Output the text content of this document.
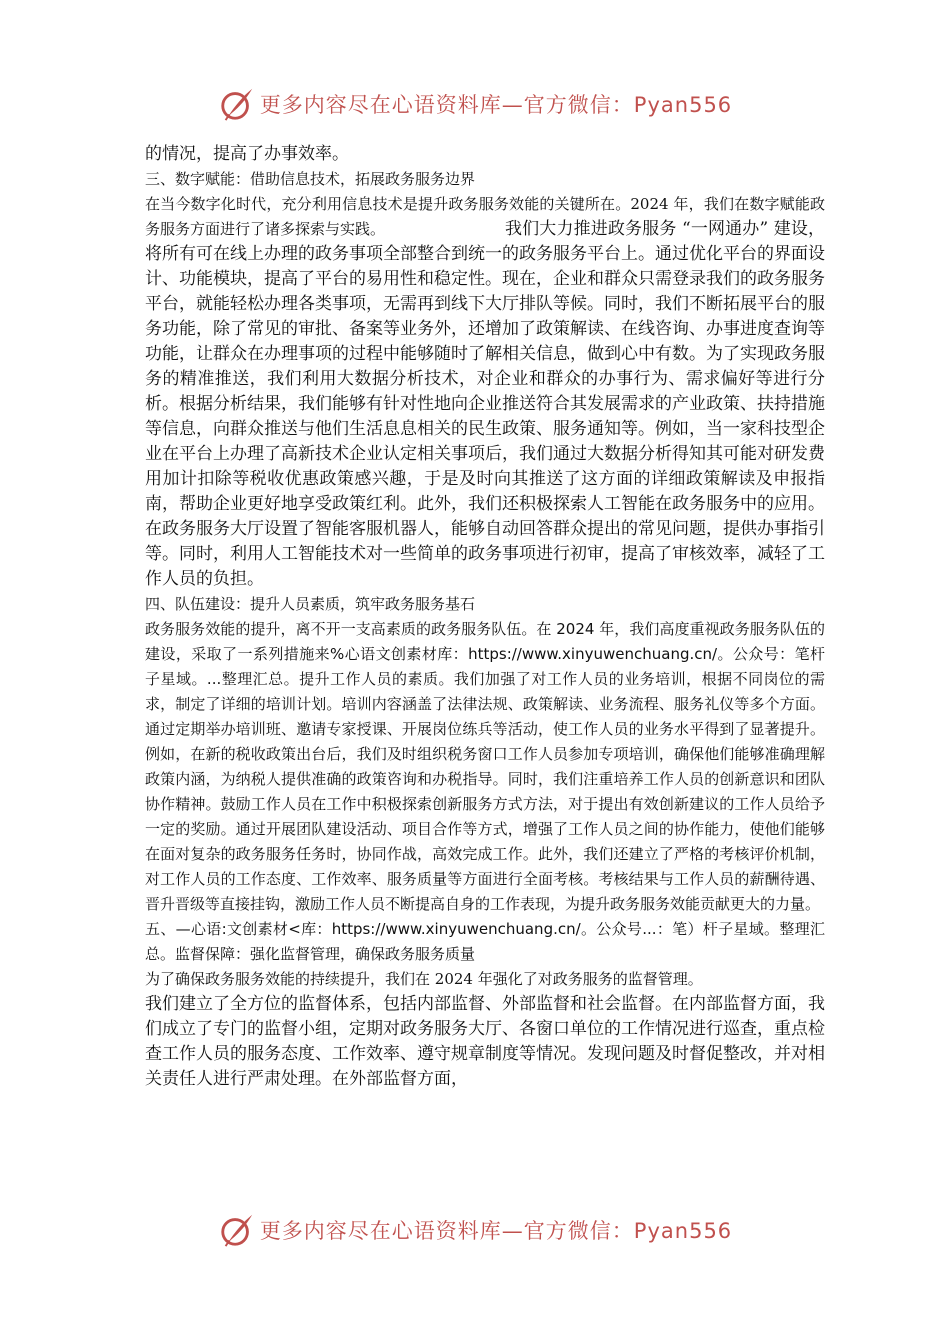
更多内容尽在心语资料库—官方微信：Pyan556

的情况，提高了办事效率。

三、数字赋能：借助信息技术，拓展政务服务边界

在当今数字化时代，充分利用信息技术是提升政务服务效能的关键所在。2024 年，我们在数字赋能政务服务方面进行了诸多探索与实践。	我们大力推进政务服务 “一网通办” 建设，将所有可在线上办理的政务事项全部整合到统一的政务服务平台上。通过优化平台的界面设计、功能模块，提高了平台的易用性和稳定性。现在，企业和群众只需登录我们的政务服务平台，就能轻松办理各类事项，无需再到线下大厅排队等候。同时，我们不断拓展平台的服务功能，除了常见的审批、备案等业务外，还增加了政策解读、在线咨询、办事进度查询等功能，让群众在办理事项的过程中能够随时了解相关信息，做到心中有数。为了实现政务服务的精准推送，我们利用大数据分析技术，对企业和群众的办事行为、需求偏好等进行分析。根据分析结果，我们能够有针对性地向企业推送符合其发展需求的产业政策、扶持措施等信息，向群众推送与他们生活息息相关的民生政策、服务通知等。例如，当一家科技型企业在平台上办理了高新技术企业认定相关事项后，我们通过大数据分析得知其可能对研发费用加计扣除等税收优惠政策感兴趣，于是及时向其推送了这方面的详细政策解读及申报指南，帮助企业更好地享受政策红利。此外，我们还积极探索人工智能在政务服务中的应用。在政务服务大厅设置了智能客服机器人，能够自动回答群众提出的常见问题，提供办事指引等。同时，利用人工智能技术对一些简单的政务事项进行初审，提高了审核效率，减轻了工作人员的负担。

四、队伍建设：提升人员素质，筑牢政务服务基石

政务服务效能的提升，离不开一支高素质的政务服务队伍。在 2024 年，我们高度重视政务服务队伍的建设，采取了一系列措施来%心语文创素材库：https://www.xinyuwenchuang.cn/。公众号：笔杆子星域。...整理汇总。提升工作人员的素质。我们加强了对工作人员的业务培训，根据不同岗位的需求，制定了详细的培训计划。培训内容涵盖了法律法规、政策解读、业务流程、服务礼仪等多个方面。通过定期举办培训班、邀请专家授课、开展岗位练兵等活动，使工作人员的业务水平得到了显著提升。例如，在新的税收政策出台后，我们及时组织税务窗口工作人员参加专项培训，确保他们能够准确理解政策内涵，为纳税人提供准确的政策咨询和办税指导。同时，我们注重培养工作人员的创新意识和团队协作精神。鼓励工作人员在工作中积极探索创新服务方式方法，对于提出有效创新建议的工作人员给予一定的奖励。通过开展团队建设活动、项目合作等方式，增强了工作人员之间的协作能力，使他们能够在面对复杂的政务服务任务时，协同作战，高效完成工作。此外，我们还建立了严格的考核评价机制，对工作人员的工作态度、工作效率、服务质量等方面进行全面考核。考核结果与工作人员的薪酬待遇、晋升晋级等直接挂钩，激励工作人员不断提高自身的工作表现，为提升政务服务效能贡献更大的力量。

五、—心语:文创素材<库：https://www.xinyuwenchuang.cn/。公众号...：笔）杆子星域。整理汇总。监督保障：强化监督管理，确保政务服务质量

为了确保政务服务效能的持续提升，我们在 2024 年强化了对政务服务的监督管理。

我们建立了全方位的监督体系，包括内部监督、外部监督和社会监督。在内部监督方面，我们成立了专门的监督小组，定期对政务服务大厅、各窗口单位的工作情况进行巡查，重点检查工作人员的服务态度、工作效率、遵守规章制度等情况。发现问题及时督促整改，并对相关责任人进行严肃处理。在外部监督方面，

更多内容尽在心语资料库—官方微信：Pyan556
